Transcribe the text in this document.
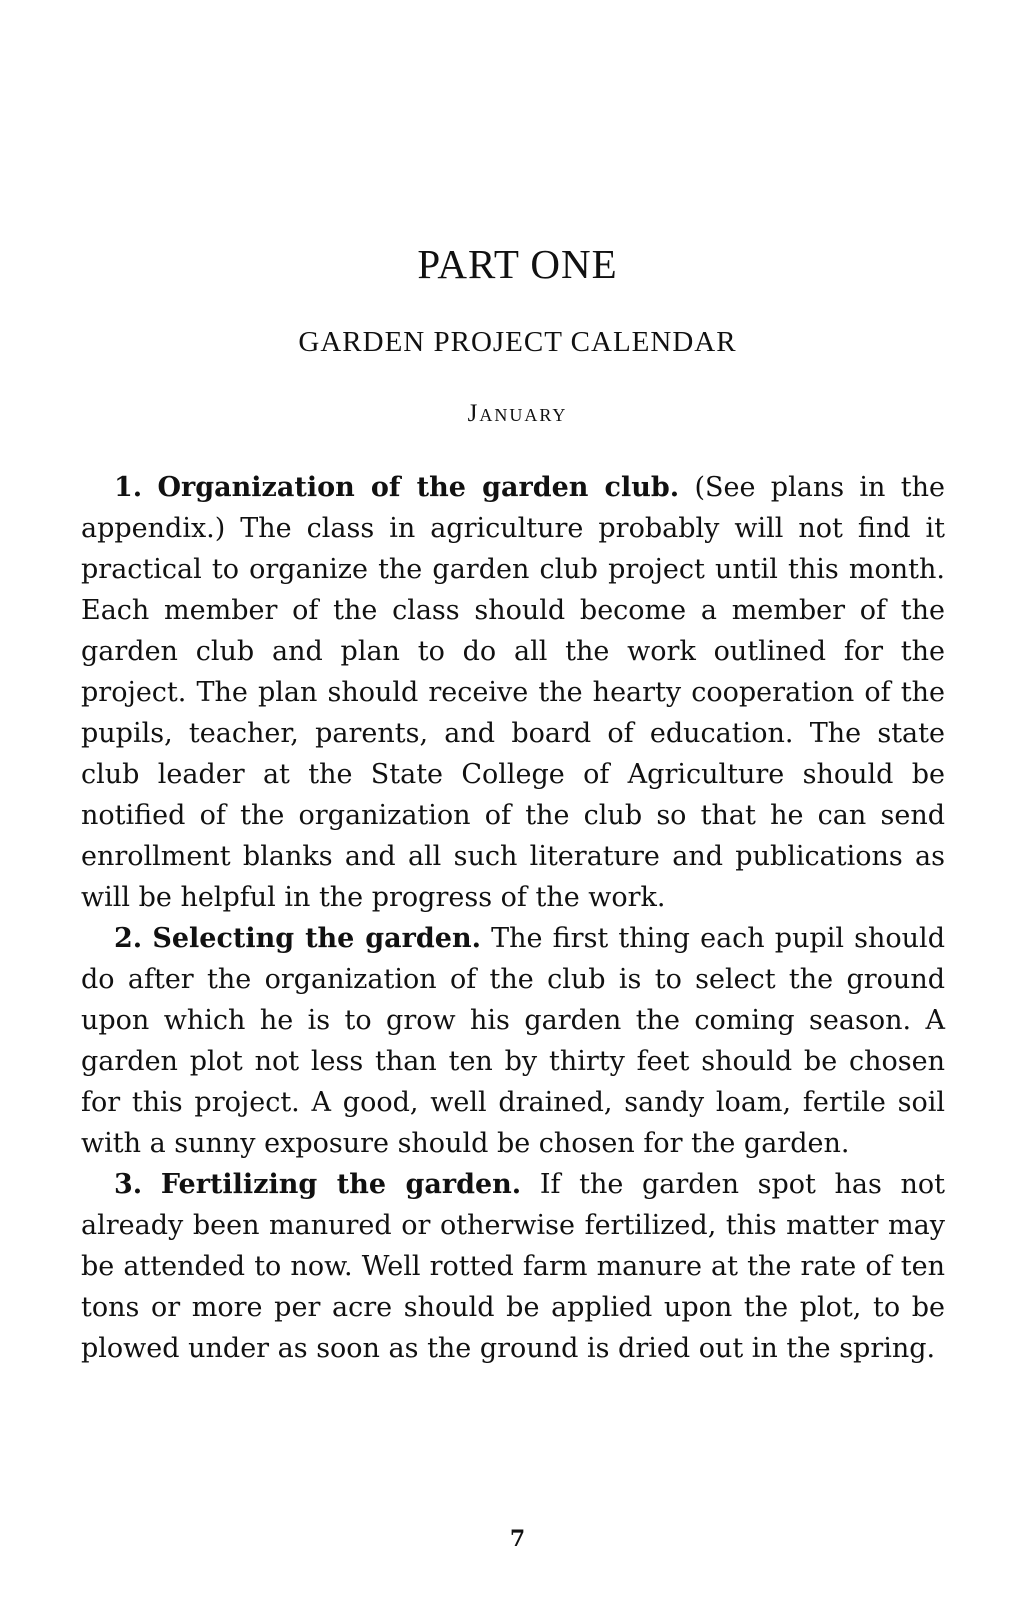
PART ONE
GARDEN PROJECT CALENDAR
January

1. Organization of the garden club. (See plans in the appendix.) The class in agriculture probably will not find it practical to organize the garden club project until this month. Each member of the class should become a member of the garden club and plan to do all the work outlined for the project. The plan should receive the hearty cooperation of the pupils, teacher, parents, and board of education. The state club leader at the State College of Agriculture should be notified of the organization of the club so that he can send enrollment blanks and all such literature and publications as will be helpful in the progress of the work.

2. Selecting the garden. The first thing each pupil should do after the organization of the club is to select the ground upon which he is to grow his garden the coming season. A garden plot not less than ten by thirty feet should be chosen for this project. A good, well drained, sandy loam, fertile soil with a sunny exposure should be chosen for the garden.

3. Fertilizing the garden. If the garden spot has not already been manured or otherwise fertilized, this matter may be attended to now. Well rotted farm manure at the rate of ten tons or more per acre should be applied upon the plot, to be plowed under as soon as the ground is dried out in the spring.

7
